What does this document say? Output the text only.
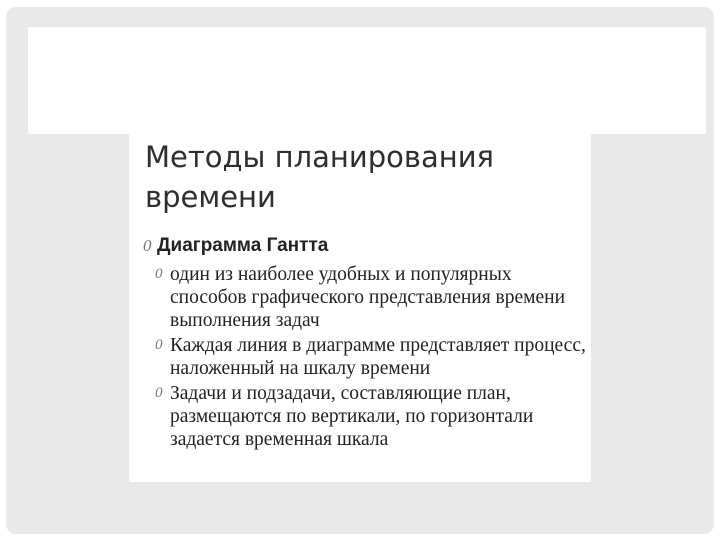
Методы планирования времени
0 Диаграмма Гантта
0 один из наиболее удобных и популярных способов графического представления времени выполнения задач

0 Каждая линия в диаграмме представляет процесс, наложенный на шкалу времени

0 Задачи и подзадачи, составляющие план, размещаются по вертикали, по горизонтали задается временная шкала
